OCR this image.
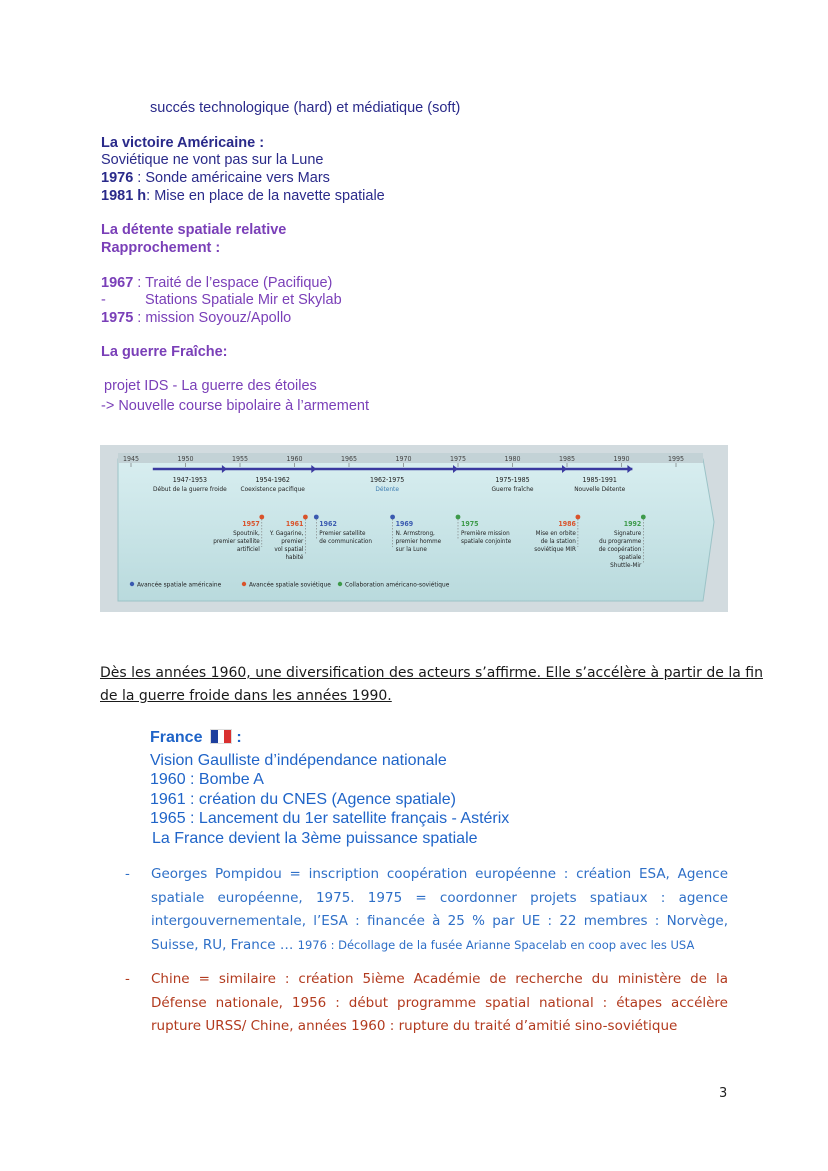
succés technologique (hard) et médiatique (soft)
La victoire Américaine :
Soviétique ne vont pas sur la Lune
1976 : Sonde américaine vers Mars
1981 h: Mise en place de la navette spatiale
La détente spatiale relative
Rapprochement :
1967 : Traité de l’espace (Pacifique)
-	Stations Spatiale Mir et Skylab
1975 : mission Soyouz/Apollo
La guerre Fraîche:
projet IDS - La guerre des étoiles
-> Nouvelle course bipolaire à l’armement
1945	1950	1955	1960	1965	1970	1975	1980	1985	1990	1995
1947-1953
Début de la guerre froide
1954-1962
Coexistence pacifique
1962-1975
Détente
1975-1985
Guerre fraîche
1985-1991
Nouvelle Détente
1957
Spoutnik,
premier satellite
artificiel
1961
Y. Gagarine,
premier
vol spatial
habité
1962
Premier satellite
de communication
1969
N. Armstrong,
premier homme
sur la Lune
1975
Première mission
spatiale conjointe
1986
Mise en orbite
de la station
soviétique MIR
1992
Signature
du programme
de coopération
spatiale
Shuttle-Mir
Avancée spatiale américaine	Avancée spatiale soviétique Collaboration américano-soviétique
Dès les années 1960, une diversification des acteurs s’affirme. Elle s’accélère à partir de la fin
de la guerre froide dans les années 1990.
France  :
Vision Gaulliste d’indépendance nationale
1960 : Bombe A
1961 : création du CNES (Agence spatiale)
1965 : Lancement du 1er satellite français - Astérix
La France devient la 3ème puissance spatiale
- Georges Pompidou = inscription coopération européenne : création ESA, Agence spatiale européenne, 1975. 1975 = coordonner projets spatiaux : agence intergouvernementale, l’ESA : financée à 25 % par UE : 22 membres : Norvège, Suisse, RU, France … 1976 : Décollage de la fusée Arianne Spacelab en coop avec les USA
- Chine = similaire : création 5ième Académie de recherche du ministère de la Défense nationale, 1956 : début programme spatial national : étapes accélère rupture URSS/ Chine, années 1960 : rupture du traité d’amitié sino-soviétique
3
